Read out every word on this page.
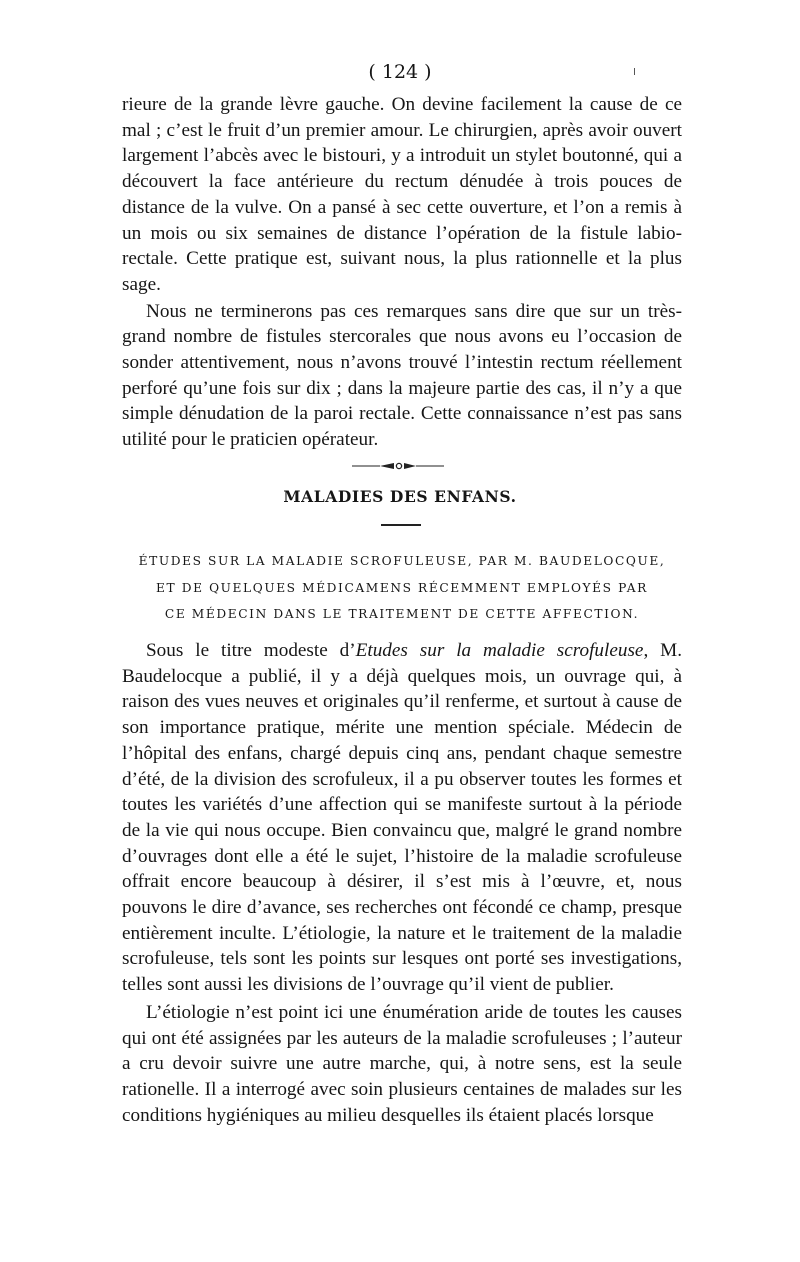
( 124 )

rieure de la grande lèvre gauche. On devine facilement la cause de ce mal ; c’est le fruit d’un premier amour. Le chirurgien, après avoir ouvert largement l’abcès avec le bistouri, y a introduit un stylet boutonné, qui a découvert la face antérieure du rectum dénudée à trois pouces de distance de la vulve. On a pansé à sec cette ouverture, et l’on a remis à un mois ou six semaines de distance l’opération de la fistule labio-rectale. Cette pratique est, suivant nous, la plus rationnelle et la plus sage.

Nous ne terminerons pas ces remarques sans dire que sur un très-grand nombre de fistules stercorales que nous avons eu l’occasion de sonder attentivement, nous n’avons trouvé l’intestin rectum réellement perforé qu’une fois sur dix ; dans la majeure partie des cas, il n’y a que simple dénudation de la paroi rectale. Cette connaissance n’est pas sans utilité pour le praticien opérateur.

MALADIES DES ENFANS.
ÉTUDES SUR LA MALADIE SCROFULEUSE, PAR M. BAUDELOCQUE,
ET DE QUELQUES MÉDICAMENS RÉCEMMENT EMPLOYÉS PAR
CE MÉDECIN DANS LE TRAITEMENT DE CETTE AFFECTION.

Sous le titre modeste d’Etudes sur la maladie scrofuleuse, M. Baudelocque a publié, il y a déjà quelques mois, un ouvrage qui, à raison des vues neuves et originales qu’il renferme, et surtout à cause de son importance pratique, mérite une mention spéciale. Médecin de l’hôpital des enfans, chargé depuis cinq ans, pendant chaque semestre d’été, de la division des scrofuleux, il a pu observer toutes les formes et toutes les variétés d’une affection qui se manifeste surtout à la période de la vie qui nous occupe. Bien convaincu que, malgré le grand nombre d’ouvrages dont elle a été le sujet, l’histoire de la maladie scrofuleuse offrait encore beaucoup à désirer, il s’est mis à l’œuvre, et, nous pouvons le dire d’avance, ses recherches ont fécondé ce champ, presque entièrement inculte. L’étiologie, la nature et le traitement de la maladie scrofuleuse, tels sont les points sur lesques ont porté ses investigations, telles sont aussi les divisions de l’ouvrage qu’il vient de publier.

L’étiologie n’est point ici une énumération aride de toutes les causes qui ont été assignées par les auteurs de la maladie scrofuleuses ; l’auteur a cru devoir suivre une autre marche, qui, à notre sens, est la seule rationelle. Il a interrogé avec soin plusieurs centaines de malades sur les conditions hygiéniques au milieu desquelles ils étaient placés lorsque
